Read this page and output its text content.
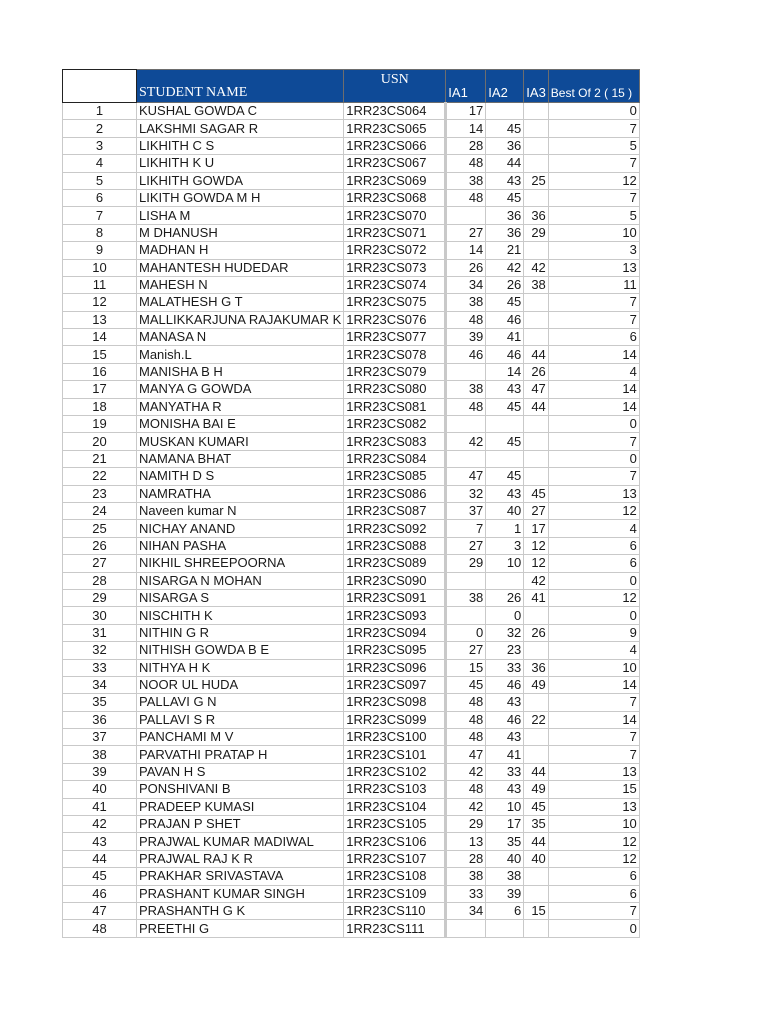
	STUDENT NAME	USN	IA1	IA2	IA3	Best Of 2 ( 15 )
1	KUSHAL GOWDA C	1RR23CS064	17			0
2	LAKSHMI SAGAR R	1RR23CS065	14	45		7
3	LIKHITH C S	1RR23CS066	28	36		5
4	LIKHITH K U	1RR23CS067	48	44		7
5	LIKHITH GOWDA	1RR23CS069	38	43	25	12
6	LIKITH GOWDA M H	1RR23CS068	48	45		7
7	LISHA M	1RR23CS070		36	36	5
8	M DHANUSH	1RR23CS071	27	36	29	10
9	MADHAN H	1RR23CS072	14	21		3
10	MAHANTESH HUDEDAR	1RR23CS073	26	42	42	13
11	MAHESH N	1RR23CS074	34	26	38	11
12	MALATHESH G T	1RR23CS075	38	45		7
13	MALLIKKARJUNA RAJAKUMAR K	1RR23CS076	48	46		7
14	MANASA N	1RR23CS077	39	41		6
15	Manish.L	1RR23CS078	46	46	44	14
16	MANISHA B H	1RR23CS079		14	26	4
17	MANYA G GOWDA	1RR23CS080	38	43	47	14
18	MANYATHA R	1RR23CS081	48	45	44	14
19	MONISHA BAI E	1RR23CS082				0
20	MUSKAN KUMARI	1RR23CS083	42	45		7
21	NAMANA BHAT	1RR23CS084				0
22	NAMITH D S	1RR23CS085	47	45		7
23	NAMRATHA	1RR23CS086	32	43	45	13
24	Naveen kumar N	1RR23CS087	37	40	27	12
25	NICHAY ANAND	1RR23CS092	7	1	17	4
26	NIHAN PASHA	1RR23CS088	27	3	12	6
27	NIKHIL SHREEPOORNA	1RR23CS089	29	10	12	6
28	NISARGA N MOHAN	1RR23CS090			42	0
29	NISARGA S	1RR23CS091	38	26	41	12
30	NISCHITH K	1RR23CS093		0		0
31	NITHIN G R	1RR23CS094	0	32	26	9
32	NITHISH GOWDA B E	1RR23CS095	27	23		4
33	NITHYA H K	1RR23CS096	15	33	36	10
34	NOOR UL HUDA	1RR23CS097	45	46	49	14
35	PALLAVI G N	1RR23CS098	48	43		7
36	PALLAVI S R	1RR23CS099	48	46	22	14
37	PANCHAMI M V	1RR23CS100	48	43		7
38	PARVATHI PRATAP H	1RR23CS101	47	41		7
39	PAVAN H S	1RR23CS102	42	33	44	13
40	PONSHIVANI B	1RR23CS103	48	43	49	15
41	PRADEEP KUMASI	1RR23CS104	42	10	45	13
42	PRAJAN P SHET	1RR23CS105	29	17	35	10
43	PRAJWAL KUMAR MADIWAL	1RR23CS106	13	35	44	12
44	PRAJWAL RAJ K R	1RR23CS107	28	40	40	12
45	PRAKHAR SRIVASTAVA	1RR23CS108	38	38		6
46	PRASHANT KUMAR SINGH	1RR23CS109	33	39		6
47	PRASHANTH G K	1RR23CS110	34	6	15	7
48	PREETHI G	1RR23CS111				0
